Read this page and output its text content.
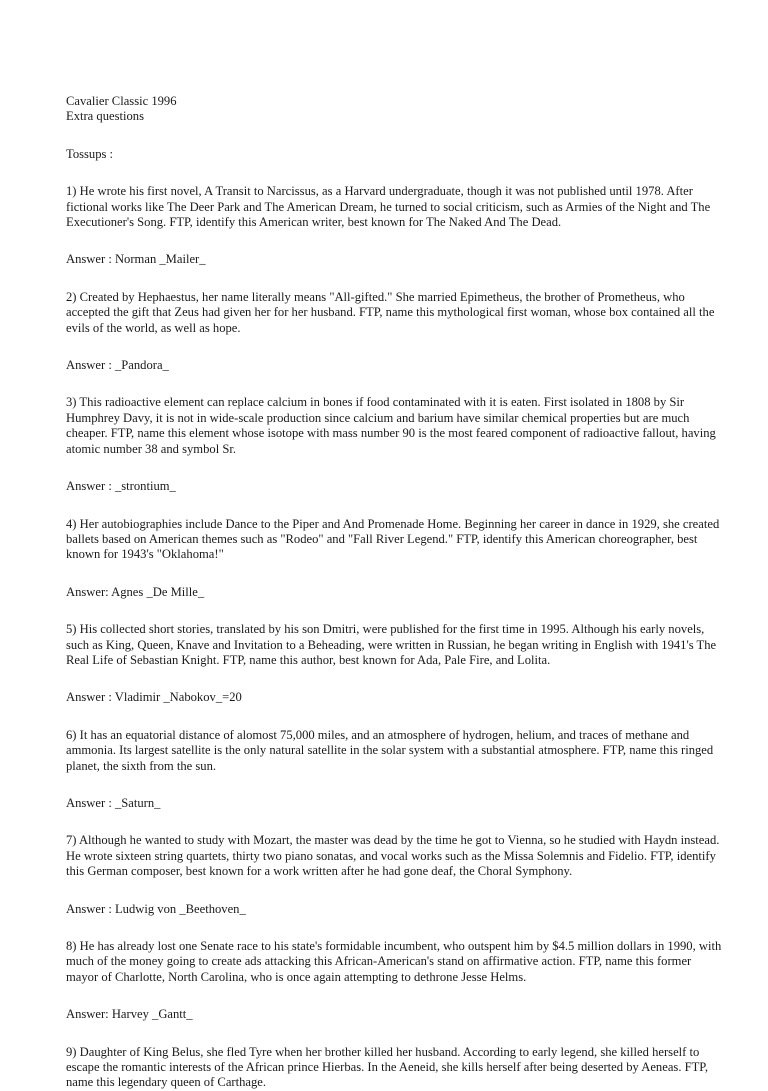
Cavalier Classic 1996

Extra questions

Tossups :

1) He wrote his first novel, A Transit to Narcissus, as a Harvard undergraduate, though it was not published until 1978. After fictional works like The Deer Park and The American Dream, he turned to social criticism, such as Armies of the Night and The Executioner's Song. FTP, identify this American writer, best known for The Naked And The Dead.

Answer : Norman _Mailer_

2) Created by Hephaestus, her name literally means "All-gifted." She married Epimetheus, the brother of Prometheus, who accepted the gift that Zeus had given her for her husband. FTP, name this mythological first woman, whose box contained all the evils of the world, as well as hope.

Answer : _Pandora_

3) This radioactive element can replace calcium in bones if food contaminated with it is eaten. First isolated in 1808 by Sir Humphrey Davy, it is not in wide-scale production since calcium and barium have similar chemical properties but are much cheaper. FTP, name this element whose isotope with mass number 90 is the most feared component of radioactive fallout, having atomic number 38 and symbol Sr.

Answer : _strontium_

4) Her autobiographies include Dance to the Piper and And Promenade Home. Beginning her career in dance in 1929, she created ballets based on American themes such as "Rodeo" and "Fall River Legend." FTP, identify this American choreographer, best known for 1943's "Oklahoma!"

Answer: Agnes _De Mille_

5) His collected short stories, translated by his son Dmitri, were published for the first time in 1995. Although his early novels, such as King, Queen, Knave and Invitation to a Beheading, were written in Russian, he began writing in English with 1941's The Real Life of Sebastian Knight. FTP, name this author, best known for Ada, Pale Fire, and Lolita.

Answer : Vladimir _Nabokov_=20

6) It has an equatorial distance of alomost 75,000 miles, and an atmosphere of hydrogen, helium, and traces of methane and ammonia. Its largest satellite is the only natural satellite in the solar system with a substantial atmosphere. FTP, name this ringed planet, the sixth from the sun.

Answer : _Saturn_

7) Although he wanted to study with Mozart, the master was dead by the time he got to Vienna, so he studied with Haydn instead. He wrote sixteen string quartets, thirty two piano sonatas, and vocal works such as the Missa Solemnis and Fidelio. FTP, identify this German composer, best known for a work written after he had gone deaf, the Choral Symphony.

Answer : Ludwig von _Beethoven_

8) He has already lost one Senate race to his state's formidable incumbent, who outspent him by $4.5 million dollars in 1990, with much of the money going to create ads attacking this African-American's stand on affirmative action. FTP, name this former mayor of Charlotte, North Carolina, who is once again attempting to dethrone Jesse Helms.

Answer: Harvey _Gantt_

9) Daughter of King Belus, she fled Tyre when her brother killed her husband. According to early legend, she killed herself to escape the romantic interests of the African prince Hierbas. In the Aeneid, she kills herself after being deserted by Aeneas. FTP, name this legendary queen of Carthage.
